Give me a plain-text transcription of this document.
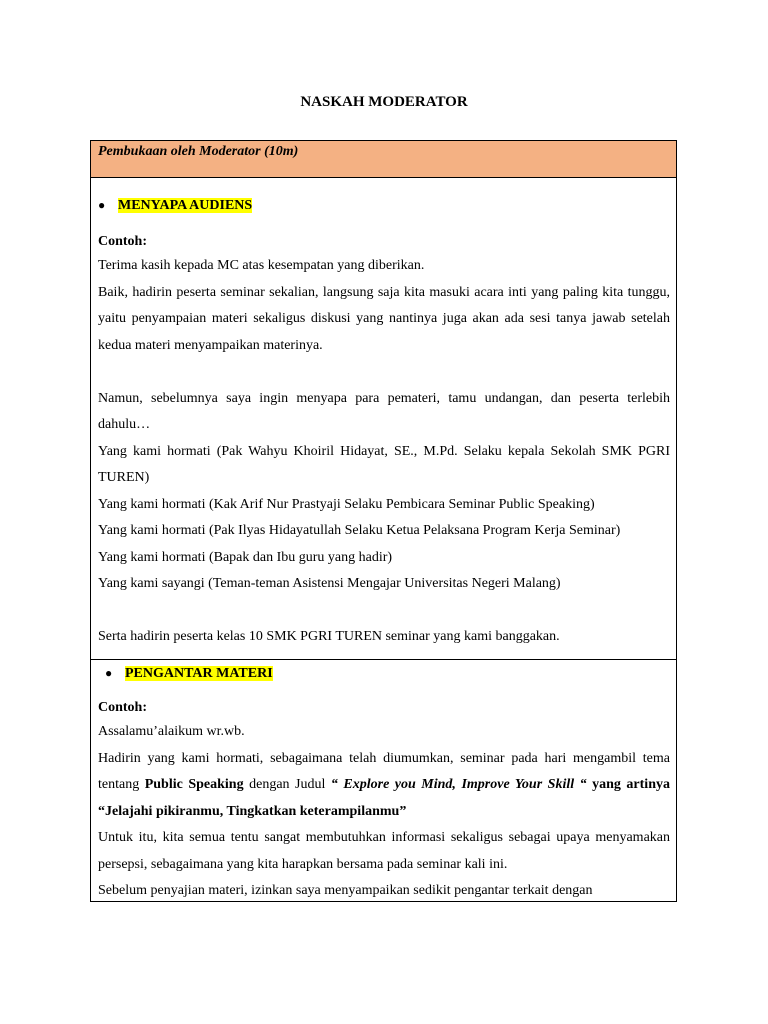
NASKAH MODERATOR
Pembukaan oleh Moderator (10m)
● MENYAPA AUDIENS
Contoh:
Terima kasih kepada MC atas kesempatan yang diberikan.
Baik, hadirin peserta seminar sekalian, langsung saja kita masuki acara inti yang paling kita tunggu, yaitu penyampaian materi sekaligus diskusi yang nantinya juga akan ada sesi tanya jawab setelah kedua materi menyampaikan materinya.
Namun, sebelumnya saya ingin menyapa para pemateri, tamu undangan, dan peserta terlebih dahulu…
Yang kami hormati (Pak Wahyu Khoiril Hidayat, SE., M.Pd. Selaku kepala Sekolah SMK PGRI TUREN)
Yang kami hormati (Kak Arif Nur Prastyaji Selaku Pembicara Seminar Public Speaking)
Yang kami hormati (Pak Ilyas Hidayatullah Selaku Ketua Pelaksana Program Kerja Seminar)
Yang kami hormati (Bapak dan Ibu guru yang hadir)
Yang kami sayangi (Teman-teman Asistensi Mengajar Universitas Negeri Malang)
Serta hadirin peserta kelas 10 SMK PGRI TUREN seminar yang kami banggakan.
● PENGANTAR MATERI
Contoh:
Assalamu’alaikum wr.wb.
Hadirin yang kami hormati, sebagaimana telah diumumkan, seminar pada hari mengambil tema tentang Public Speaking dengan Judul “ Explore you Mind, Improve Your Skill “ yang artinya “Jelajahi pikiranmu, Tingkatkan keterampilanmu”
Untuk itu, kita semua tentu sangat membutuhkan informasi sekaligus sebagai upaya menyamakan persepsi, sebagaimana yang kita harapkan bersama pada seminar kali ini.
Sebelum penyajian materi, izinkan saya menyampaikan sedikit pengantar terkait dengan
